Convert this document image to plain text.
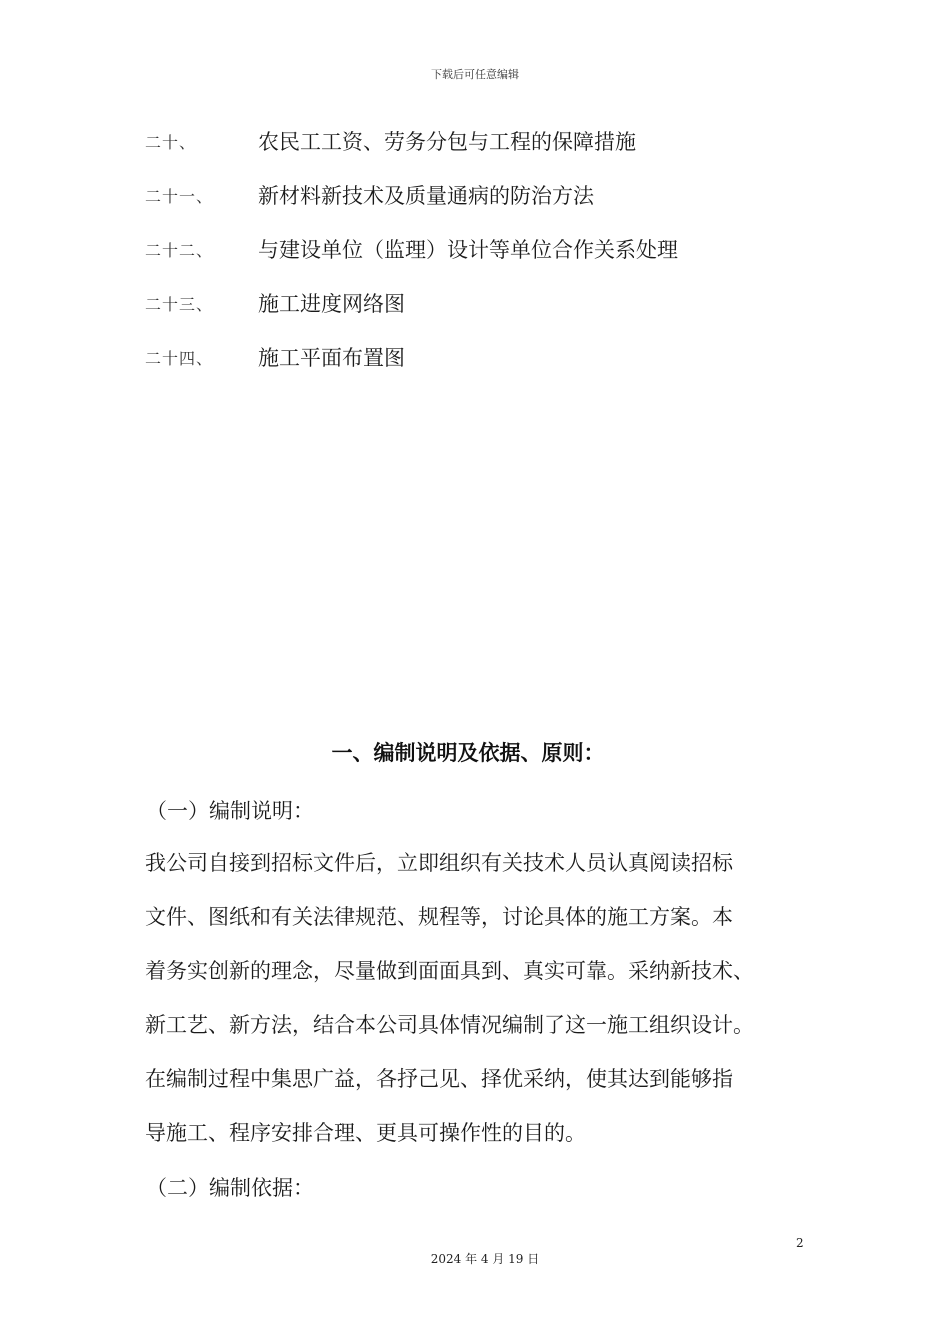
下载后可任意编辑
二十、	农民工工资、劳务分包与工程的保障措施
二十一、	新材料新技术及质量通病的防治方法
二十二、	与建设单位（监理）设计等单位合作关系处理
二十三、	施工进度网络图
二十四、	施工平面布置图
一、编制说明及依据、原则：
（一）编制说明：
我公司自接到招标文件后，立即组织有关技术人员认真阅读招标
文件、图纸和有关法律规范、规程等，讨论具体的施工方案。本
着务实创新的理念，尽量做到面面具到、真实可靠。采纳新技术、
新工艺、新方法，结合本公司具体情况编制了这一施工组织设计。
在编制过程中集思广益，各抒己见、择优采纳，使其达到能够指
导施工、程序安排合理、更具可操作性的目的。
（二）编制依据：
2
2024 年 4 月 19 日
